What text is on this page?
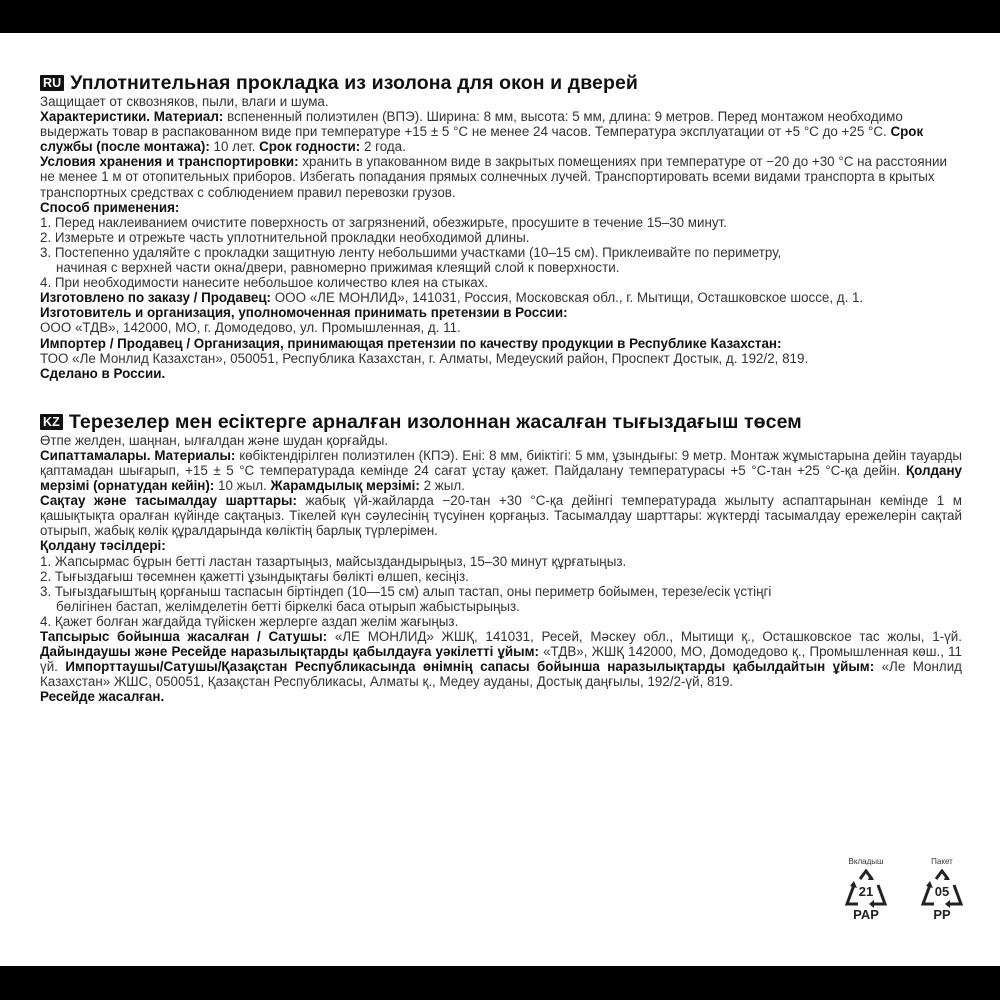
RU Уплотнительная прокладка из изолона для окон и дверей

Защищает от сквозняков, пыли, влаги и шума.

Характеристики. Материал: вспененный полиэтилен (ВПЭ). Ширина: 8 мм, высота: 5 мм, длина: 9 метров. Перед монтажом необходимо выдержать товар в распакованном виде при температуре +15 ± 5 °С не менее 24 часов. Температура эксплуатации от +5 °С до +25 °С. Срок службы (после монтажа): 10 лет. Срок годности: 2 года.

Условия хранения и транспортировки: хранить в упакованном виде в закрытых помещениях при температуре от −20 до +30 °С на расстоянии не менее 1 м от отопительных приборов. Избегать попадания прямых солнечных лучей. Транспортировать всеми видами транспорта в крытых транспортных средствах с соблюдением правил перевозки грузов.

Способ применения:

1. Перед наклеиванием очистите поверхность от загрязнений, обезжирьте, просушите в течение 15–30 минут.

2. Измерьте и отрежьте часть уплотнительной прокладки необходимой длины.

3. Постепенно удаляйте с прокладки защитную ленту небольшими участками (10–15 см). Приклеивайте по периметру,

начиная с верхней части окна/двери, равномерно прижимая клеящий слой к поверхности.

4. При необходимости нанесите небольшое количество клея на стыках.

Изготовлено по заказу / Продавец: ООО «ЛЕ МОНЛИД», 141031, Россия, Московская обл., г. Мытищи, Осташковское шоссе, д. 1.

Изготовитель и организация, уполномоченная принимать претензии в России:

ООО «ТДВ», 142000, МО, г. Домодедово, ул. Промышленная, д. 11.

Импортер / Продавец / Организация, принимающая претензии по качеству продукции в Республике Казахстан:

ТОО «Ле Монлид Казахстан», 050051, Республика Казахстан, г. Алматы, Медеуский район, Проспект Достык, д. 192/2, 819.

Сделано в России.

KZ Терезелер мен есіктерге арналған изолоннан жасалған тығыздағыш төсем

Өтпе желден, шаңнан, ылғалдан және шудан қорғайды.

Сипаттамалары. Материалы: көбіктендірілген полиэтилен (КПЭ). Ені: 8 мм, биіктігі: 5 мм, ұзындығы: 9 метр. Монтаж жұмыстарына дейін тауарды қаптамадан шығарып, +15 ± 5 °С температурада кемінде 24 сағат ұстау қажет. Пайдалану температурасы +5 °С-тан +25 °С-қа дейін. Қолдану мерзімі (орнатудан кейін): 10 жыл. Жарамдылық мерзімі: 2 жыл.

Сақтау және тасымалдау шарттары: жабық үй-жайларда −20-тан +30 °С-қа дейінгі температурада жылыту аспаптарынан кемінде 1 м қашықтықта оралған күйінде сақтаңыз. Тікелей күн сәулесінің түсуінен қорғаңыз. Тасымалдау шарттары: жүктерді тасымалдау ережелерін сақтай отырып, жабық көлік құралдарында көліктің барлық түрлерімен.

Қолдану тәсілдері:

1. Жапсырмас бұрын бетті ластан тазартыңыз, майсыздандырыңыз, 15–30 минут құрғатыңыз.

2. Тығыздағыш төсемнен қажетті ұзындықтағы бөлікті өлшеп, кесіңіз.

3. Тығыздағыштың қорғаныш таспасын біртіндеп (10—15 см) алып тастап, оны периметр бойымен, терезе/есік үстіңгі

бөлігінен бастап, желімделетін бетті біркелкі баса отырып жабыстырыңыз.

4. Қажет болған жағдайда түйіскен жерлерге аздап желім жағыңыз.

Тапсырыс бойынша жасалған / Сатушы: «ЛЕ МОНЛИД» ЖШҚ, 141031, Ресей, Мәскеу обл., Мытищи қ., Осташковское тас жолы, 1-үй. Дайындаушы және Ресейде наразылықтарды қабылдауға уәкілетті ұйым: «ТДВ», ЖШҚ 142000, МО, Домодедово қ., Промышленная көш., 11 үй. Импорттаушы/Сатушы/Қазақстан Республикасында өнімнің сапасы бойынша наразылықтарды қабылдайтын ұйым: «Ле Монлид Казахстан» ЖШС, 050051, Қазақстан Республикасы, Алматы қ., Медеу ауданы, Достық даңғылы, 192/2-үй, 819.

Ресейде жасалған.

Вкладыш
21
PAP
Пакет
05
PP
